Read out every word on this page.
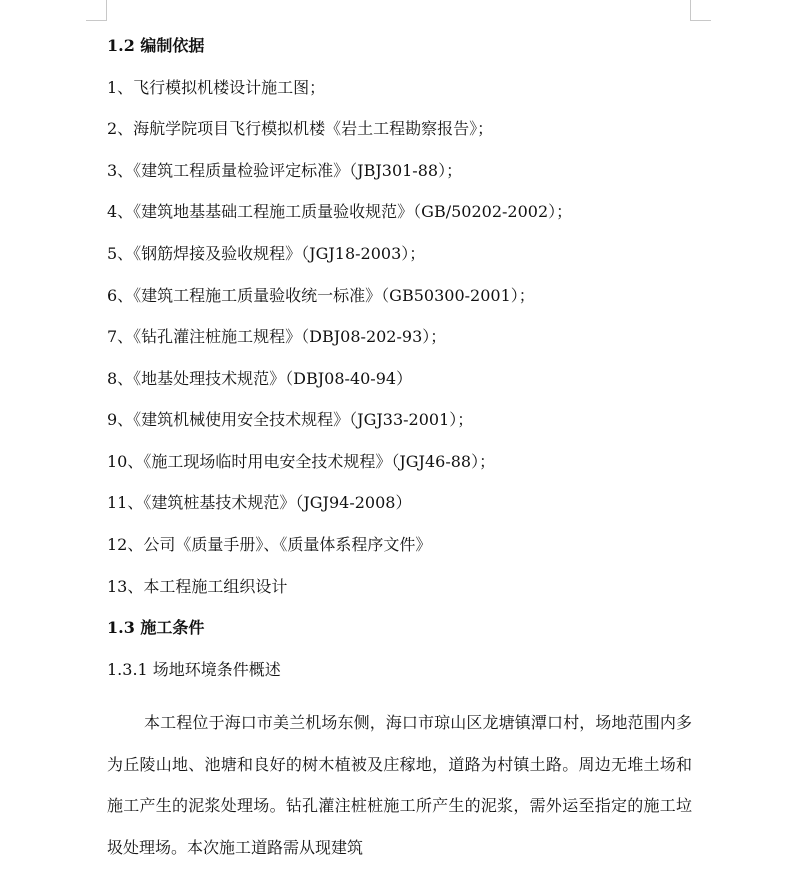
1.2 编制依据
1、飞行模拟机楼设计施工图；
2、海航学院项目飞行模拟机楼《岩土工程勘察报告》；
3、《建筑工程质量检验评定标准》（JBJ301-88）；
4、《建筑地基基础工程施工质量验收规范》（GB/50202-2002）；
5、《钢筋焊接及验收规程》（JGJ18-2003）；
6、《建筑工程施工质量验收统一标准》（GB50300-2001）；
7、《钻孔灌注桩施工规程》（DBJ08-202-93）；
8、《地基处理技术规范》（DBJ08-40-94）
9、《建筑机械使用安全技术规程》（JGJ33-2001）；
10、《施工现场临时用电安全技术规程》（JGJ46-88）；
11、《建筑桩基技术规范》（JGJ94-2008）
12、公司《质量手册》、《质量体系程序文件》
13、本工程施工组织设计
1.3 施工条件
1.3.1 场地环境条件概述
本工程位于海口市美兰机场东侧，海口市琼山区龙塘镇潭口村，场地范围内多为丘陵山地、池塘和良好的树木植被及庄稼地，道路为村镇土路。周边无堆土场和施工产生的泥浆处理场。钻孔灌注桩桩施工所产生的泥浆，需外运至指定的施工垃圾处理场。本次施工道路需从现建筑
